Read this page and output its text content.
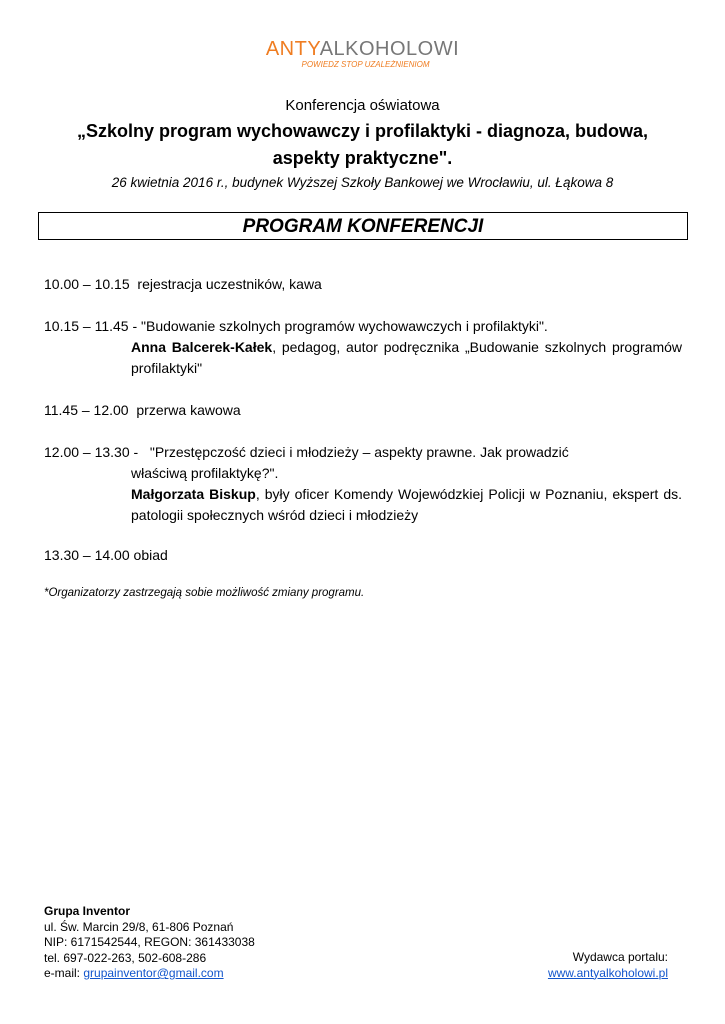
ANTYALKOHOLOWI
POWIEDZ STOP UZALEŻNIENIOM
Konferencja oświatowa
„Szkolny program wychowawczy i profilaktyki - diagnoza, budowa,
aspekty praktyczne".
26 kwietnia 2016 r., budynek Wyższej Szkoły Bankowej we Wrocławiu, ul. Łąkowa 8
PROGRAM KONFERENCJI
10.00 – 10.15 rejestracja uczestników, kawa
10.15 – 11.45 - "Budowanie szkolnych programów wychowawczych i profilaktyki".
Anna Balcerek-Kałek, pedagog, autor podręcznika „Budowanie szkolnych programów profilaktyki"
11.45 – 12.00 przerwa kawowa
12.00 – 13.30 - "Przestępczość dzieci i młodzieży – aspekty prawne. Jak prowadzić
właściwą profilaktykę?".
Małgorzata Biskup, były oficer Komendy Wojewódzkiej Policji w Poznaniu, ekspert ds. patologii społecznych wśród dzieci i młodzieży
13.30 – 14.00 obiad
*Organizatorzy zastrzegają sobie możliwość zmiany programu.
Grupa Inventor
ul. Św. Marcin 29/8, 61-806 Poznań
NIP: 6171542544, REGON: 361433038
tel. 697-022-263, 502-608-286
e-mail: grupainventor@gmail.com
Wydawca portalu:
www.antyalkoholowi.pl
